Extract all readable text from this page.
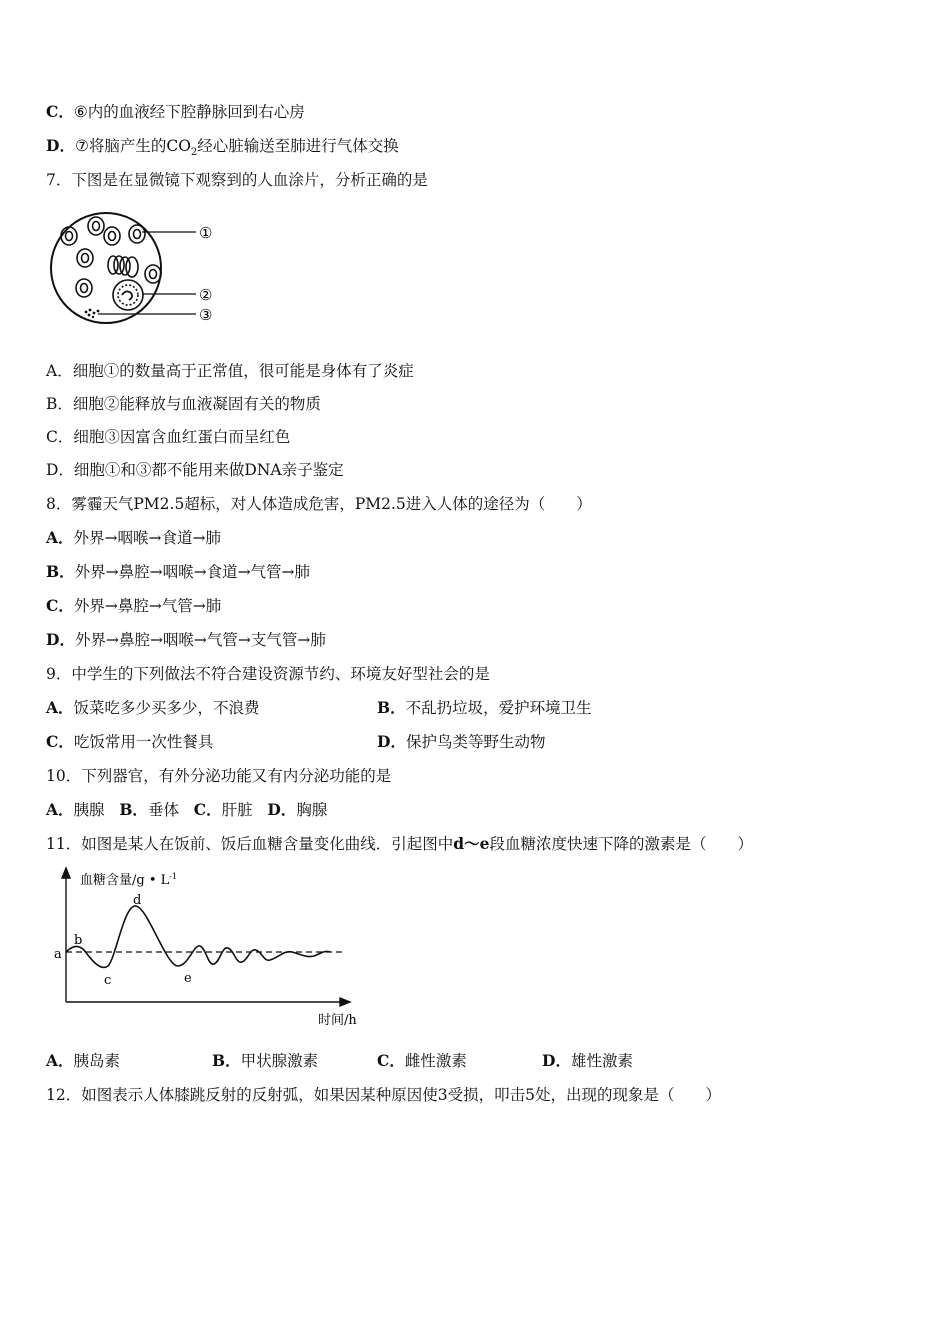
C．⑥内的血液经下腔静脉回到右心房
D．⑦将脑产生的$CO_2$经心脏输送至肺进行气体交换
7．下图是在显微镜下观察到的人血涂片，分析正确的是
①
②
③
A．细胞①的数量高于正常值，很可能是身体有了炎症
B．细胞②能释放与血液凝固有关的物质
C．细胞③因富含血红蛋白而呈红色
D．细胞①和③都不能用来做DNA亲子鉴定
8．雾霾天气PM2.5超标，对人体造成危害，PM2.5进入人体的途径为（　　）
A．外界→咽喉→食道→肺
B．外界→鼻腔→咽喉→食道→气管→肺
C．外界→鼻腔→气管→肺
D．外界→鼻腔→咽喉→气管→支气管→肺
9．中学生的下列做法不符合建设资源节约、环境友好型社会的是
A．饭菜吃多少买多少，不浪费	B．不乱扔垃圾，爱护环境卫生
C．吃饭常用一次性餐具	D．保护鸟类等野生动物
10．下列器官，有外分泌功能又有内分泌功能的是
A．胰腺 B．垂体 C．肝脏 D．胸腺
11．如图是某人在饭前、饭后血糖含量变化曲线．引起图中d～e段血糖浓度快速下降的激素是（　　）
血糖含量/g • $L^{-1}$
a
b
c
d
e
时间/h
A．胰岛素	B．甲状腺激素	C．雌性激素	D．雄性激素
12．如图表示人体膝跳反射的反射弧，如果因某种原因使3受损，叩击5处，出现的现象是（　　）
